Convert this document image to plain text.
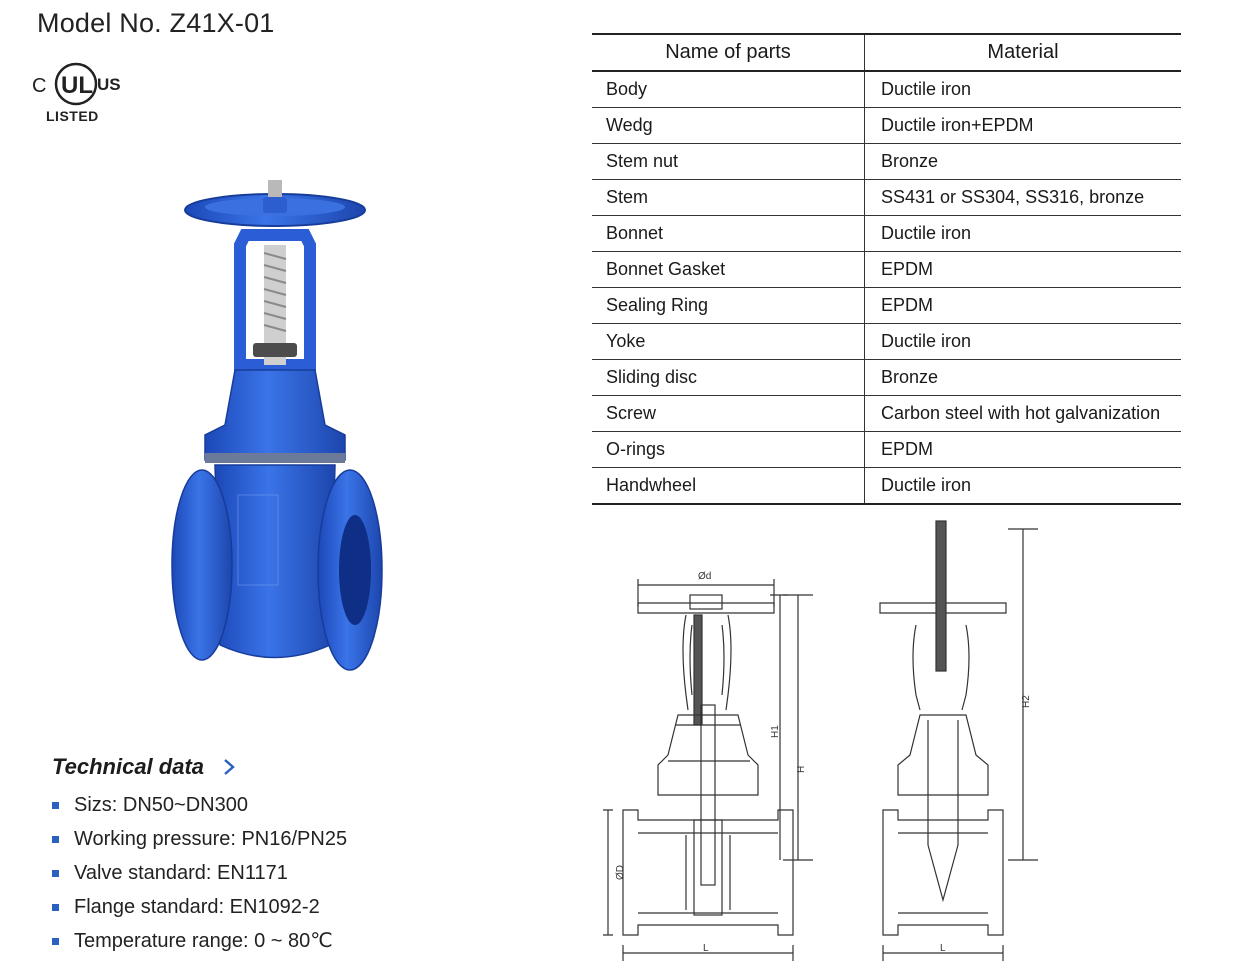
Model No. Z41X-01
C UL US
LISTED
Technical data
Sizs: DN50~DN300
Working pressure: PN16/PN25
Valve standard: EN1171
Flange standard: EN1092-2
Temperature range: 0 ~ 80℃
Name of parts	Material
Body	Ductile iron
Wedg	Ductile iron+EPDM
Stem nut	Bronze
Stem	SS431 or SS304, SS316, bronze
Bonnet	Ductile iron
Bonnet Gasket	EPDM
Sealing Ring	EPDM
Yoke	Ductile iron
Sliding disc	Bronze
Screw	Carbon steel with hot galvanization
O-rings	EPDM
Handwheel	Ductile iron
Ød
H
H1
ØD
L
H2
L
